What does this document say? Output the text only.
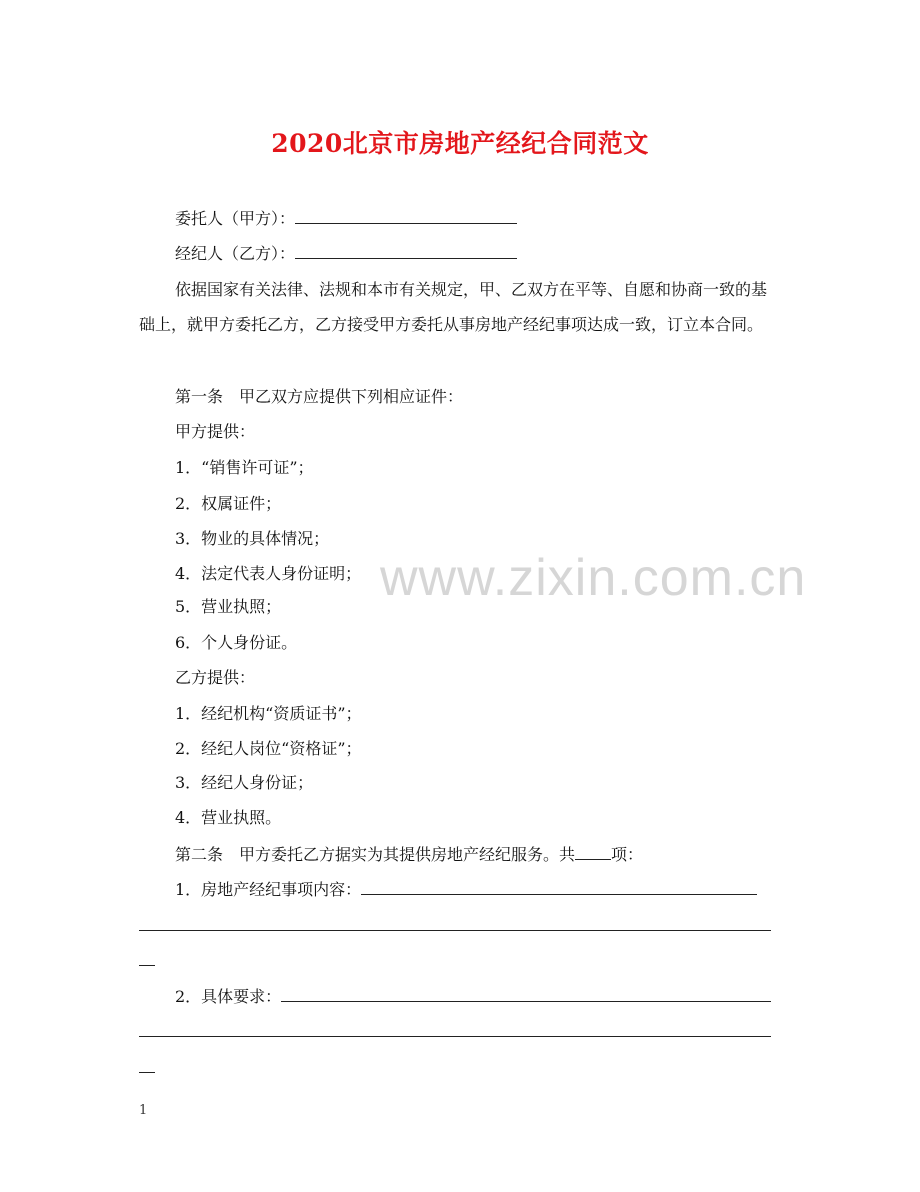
2020北京市房地产经纪合同范文
www.zixin.com.cn
委托人（甲方）：
经纪人（乙方）：
依据国家有关法律、法规和本市有关规定，甲、乙双方在平等、自愿和协商一致的基础上，就甲方委托乙方，乙方接受甲方委托从事房地产经纪事项达成一致，订立本合同。
第一条　甲乙双方应提供下列相应证件：
甲方提供：
1．“销售许可证”；
2．权属证件；
3．物业的具体情况；
4．法定代表人身份证明；
5．营业执照；
6．个人身份证。
乙方提供：
1．经纪机构“资质证书”；
2．经纪人岗位“资格证”；
3．经纪人身份证；
4．营业执照。
第二条　甲方委托乙方据实为其提供房地产经纪服务。共 项：
1．房地产经纪事项内容：
2．具体要求：
1
